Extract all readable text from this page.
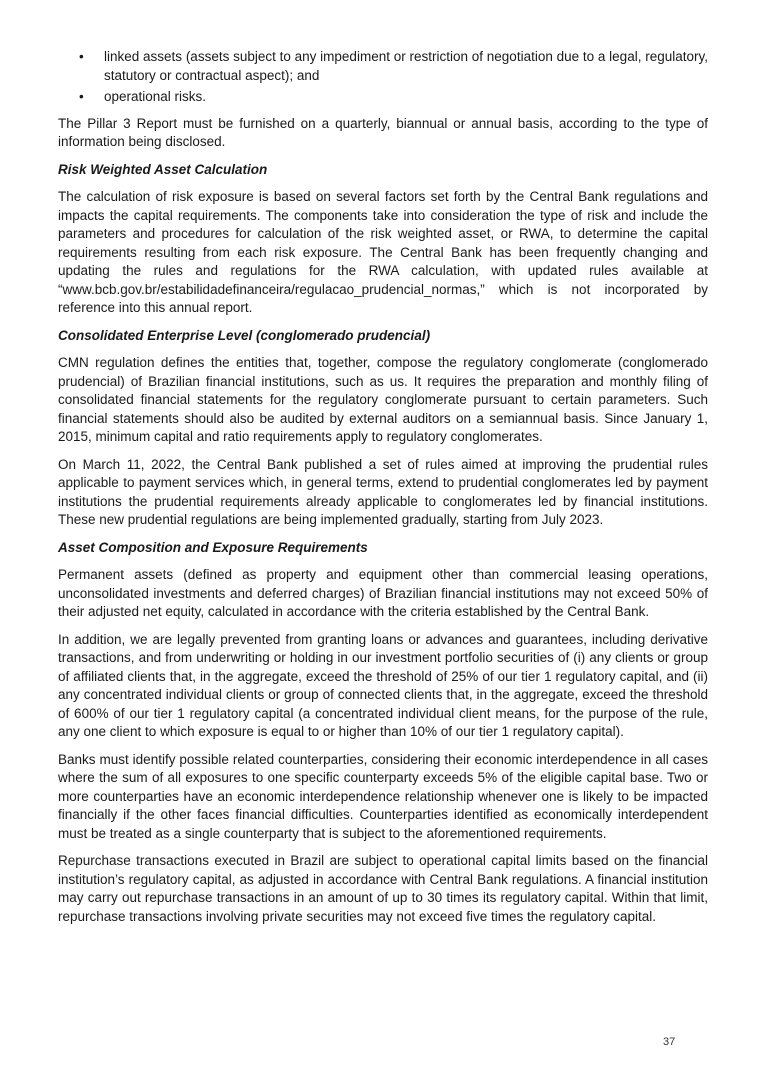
• linked assets (assets subject to any impediment or restriction of negotiation due to a legal, regulatory, statutory or contractual aspect); and
• operational risks.

The Pillar 3 Report must be furnished on a quarterly, biannual or annual basis, according to the type of information being disclosed.

Risk Weighted Asset Calculation

The calculation of risk exposure is based on several factors set forth by the Central Bank regulations and impacts the capital requirements. The components take into consideration the type of risk and include the parameters and procedures for calculation of the risk weighted asset, or RWA, to determine the capital requirements resulting from each risk exposure. The Central Bank has been frequently changing and updating the rules and regulations for the RWA calculation, with updated rules available at “www.bcb.gov.br/estabilidadefinanceira/regulacao_prudencial_normas,” which is not incorporated by reference into this annual report.

Consolidated Enterprise Level (conglomerado prudencial)

CMN regulation defines the entities that, together, compose the regulatory conglomerate (conglomerado prudencial) of Brazilian financial institutions, such as us. It requires the preparation and monthly filing of consolidated financial statements for the regulatory conglomerate pursuant to certain parameters. Such financial statements should also be audited by external auditors on a semiannual basis. Since January 1, 2015, minimum capital and ratio requirements apply to regulatory conglomerates.

On March 11, 2022, the Central Bank published a set of rules aimed at improving the prudential rules applicable to payment services which, in general terms, extend to prudential conglomerates led by payment institutions the prudential requirements already applicable to conglomerates led by financial institutions. These new prudential regulations are being implemented gradually, starting from July 2023.

Asset Composition and Exposure Requirements

Permanent assets (defined as property and equipment other than commercial leasing operations, unconsolidated investments and deferred charges) of Brazilian financial institutions may not exceed 50% of their adjusted net equity, calculated in accordance with the criteria established by the Central Bank.

In addition, we are legally prevented from granting loans or advances and guarantees, including derivative transactions, and from underwriting or holding in our investment portfolio securities of (i) any clients or group of affiliated clients that, in the aggregate, exceed the threshold of 25% of our tier 1 regulatory capital, and (ii) any concentrated individual clients or group of connected clients that, in the aggregate, exceed the threshold of 600% of our tier 1 regulatory capital (a concentrated individual client means, for the purpose of the rule, any one client to which exposure is equal to or higher than 10% of our tier 1 regulatory capital).

Banks must identify possible related counterparties, considering their economic interdependence in all cases where the sum of all exposures to one specific counterparty exceeds 5% of the eligible capital base. Two or more counterparties have an economic interdependence relationship whenever one is likely to be impacted financially if the other faces financial difficulties. Counterparties identified as economically interdependent must be treated as a single counterparty that is subject to the aforementioned requirements.

Repurchase transactions executed in Brazil are subject to operational capital limits based on the financial institution’s regulatory capital, as adjusted in accordance with Central Bank regulations. A financial institution may carry out repurchase transactions in an amount of up to 30 times its regulatory capital. Within that limit, repurchase transactions involving private securities may not exceed five times the regulatory capital.

37
